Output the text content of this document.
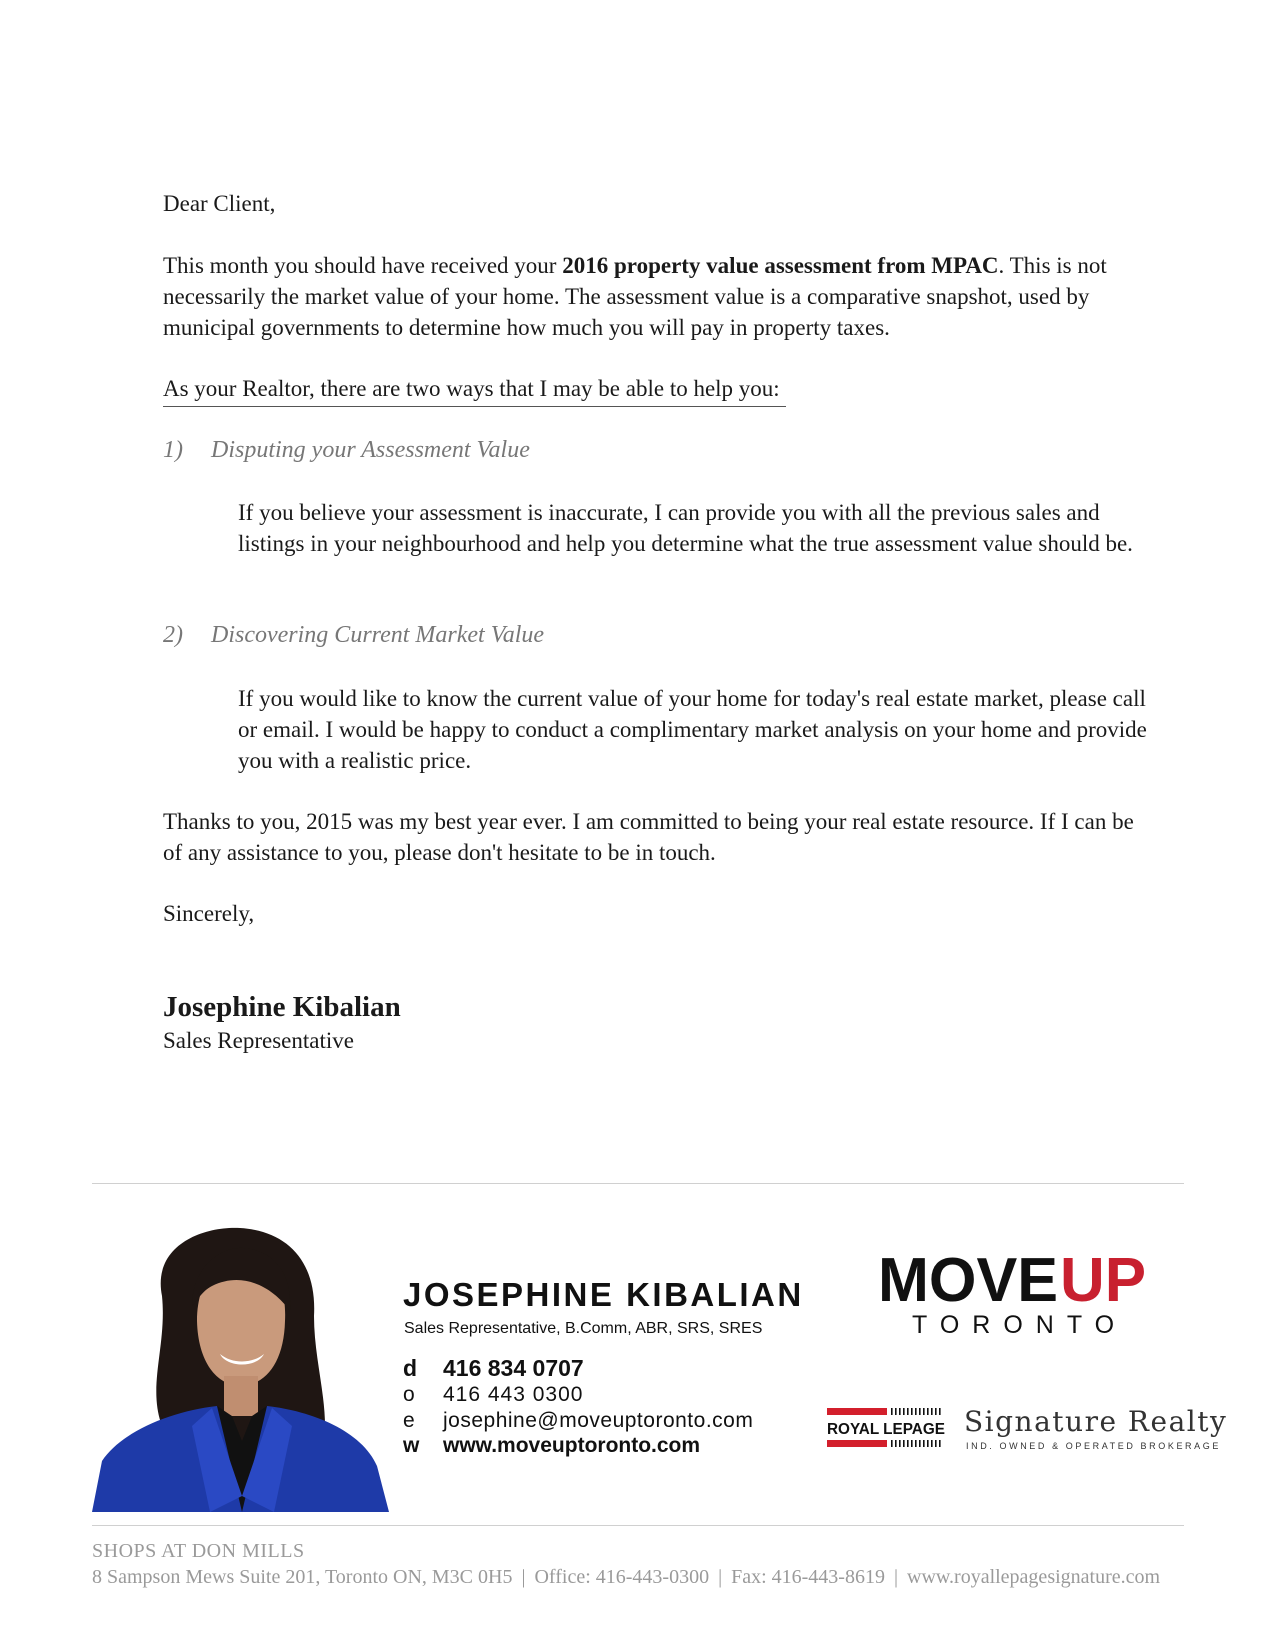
Dear Client,

This month you should have received your 2016 property value assessment from MPAC. This is not necessarily the market value of your home. The assessment value is a comparative snapshot, used by municipal governments to determine how much you will pay in property taxes.

As your Realtor, there are two ways that I may be able to help you:

1) Disputing your Assessment Value

If you believe your assessment is inaccurate, I can provide you with all the previous sales and listings in your neighbourhood and help you determine what the true assessment value should be.

2) Discovering Current Market Value

If you would like to know the current value of your home for today's real estate market, please call or email. I would be happy to conduct a complimentary market analysis on your home and provide you with a realistic price.

Thanks to you, 2015 was my best year ever. I am committed to being your real estate resource. If I can be of any assistance to you, please don't hesitate to be in touch.

Sincerely,

Josephine Kibalian
Sales Representative
JOSEPHINE KIBALIAN
Sales Representative, B.Comm, ABR, SRS, SRES
d 416 834 0707
o 416 443 0300
e josephine@moveuptoronto.com
w www.moveuptoronto.com
MOVE UP
TORONTO
ROYAL LEPAGE Signature Realty
IND. OWNED & OPERATED BROKERAGE
SHOPS AT DON MILLS
8 Sampson Mews Suite 201, Toronto ON, M3C 0H5 | Office: 416-443-0300 | Fax: 416-443-8619 | www.royallepagesignature.com
